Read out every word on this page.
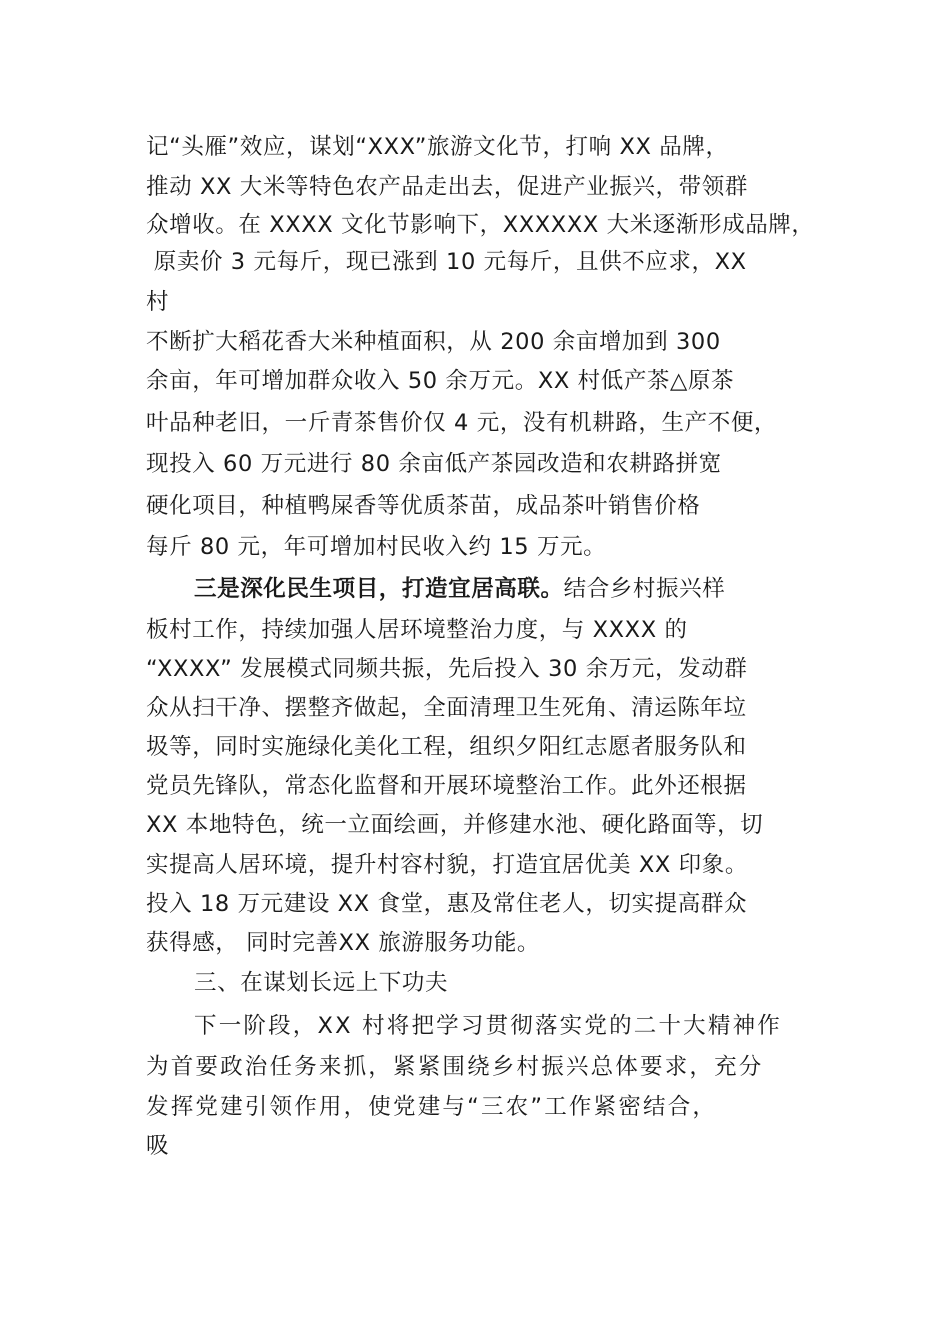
记“头雁”效应，谋划“XXX”旅游文化节，打响 XX 品牌，
推动 XX 大米等特色农产品走出去，促进产业振兴，带领群
众增收。在 XXXX 文化节影响下，XXXXXX 大米逐渐形成品牌，
原卖价 3 元每斤，现已涨到 10 元每斤，且供不应求，XX
村
不断扩大稻花香大米种植面积，从 200 余亩增加到 300
余亩，年可增加群众收入 50 余万元。XX 村低产茶△原茶
叶品种老旧，一斤青茶售价仅 4 元，没有机耕路，生产不便，
现投入 60 万元进行 80 余亩低产茶园改造和农耕路拼宽
硬化项目，种植鸭屎香等优质茶苗，成品茶叶销售价格
每斤 80 元，年可增加村民收入约 15 万元。
三是深化民生项目，打造宜居高联。结合乡村振兴样
板村工作，持续加强人居环境整治力度，与 XXXX 的
“XXXX” 发展模式同频共振，先后投入 30 余万元，发动群
众从扫干净、摆整齐做起，全面清理卫生死角、清运陈年垃
圾等，同时实施绿化美化工程，组织夕阳红志愿者服务队和
党员先锋队，常态化监督和开展环境整治工作。此外还根据
XX 本地特色，统一立面绘画，并修建水池、硬化路面等，切
实提高人居环境，提升村容村貌，打造宜居优美 XX 印象。
投入 18 万元建设 XX 食堂，惠及常住老人，切实提高群众
获得感， 同时完善XX 旅游服务功能。
三、在谋划长远上下功夫
下一阶段，XX 村将把学习贯彻落实党的二十大精神作
为首要政治任务来抓，紧紧围绕乡村振兴总体要求，充分
发挥党建引领作用，使党建与“三农”工作紧密结合，
吸
